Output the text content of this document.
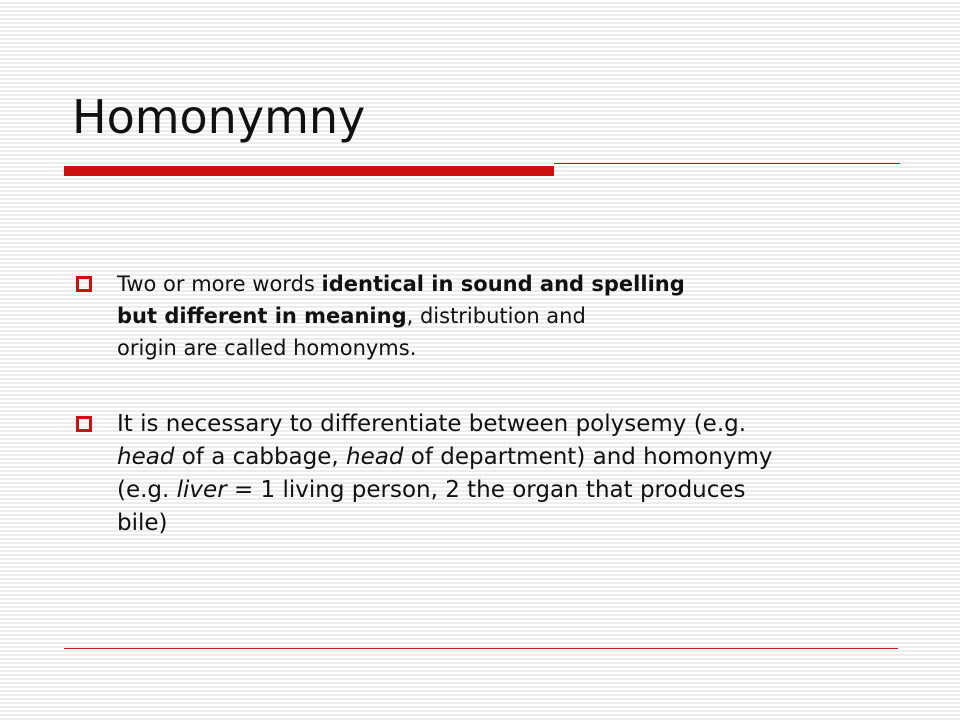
Homonymny
Two or more words identical in sound and spelling
but different in meaning, distribution and
origin are called homonyms.
It is necessary to differentiate between polysemy (e.g.
head of a cabbage, head of department) and homonymy
(e.g. liver = 1 living person, 2 the organ that produces
bile)
